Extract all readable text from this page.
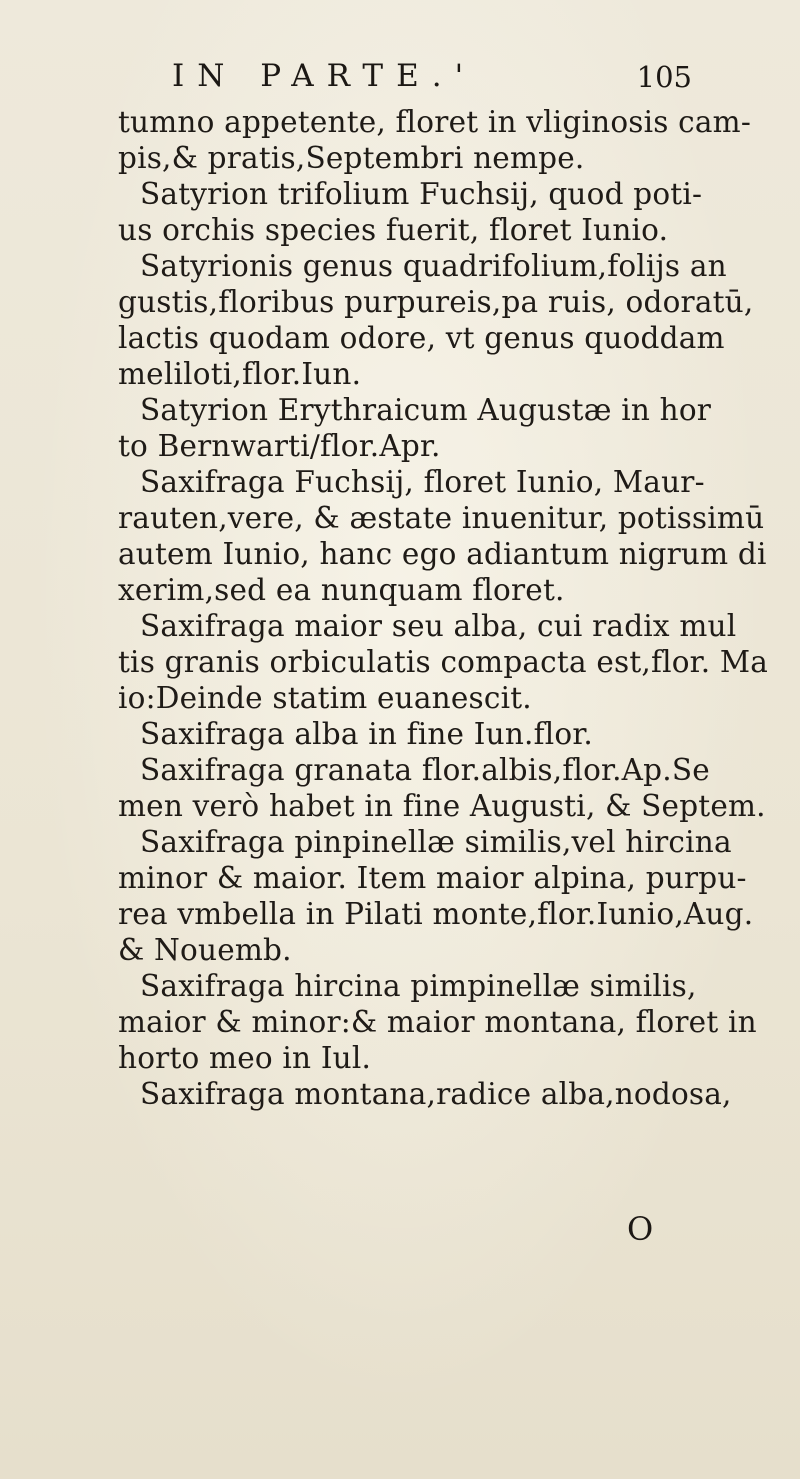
IN PARTE.'	105
tumno appetente, floret in vliginosis cam-
pis,& pratis,Septembri nempe.
Satyrion trifolium Fuchsij, quod poti-
us orchis species fuerit, floret Iunio.
Satyrionis genus quadrifolium,folijs an
gustis,floribus purpureis,pa ruis, odoratū,
lactis quodam odore, vt genus quoddam
meliloti,flor.Iun.
Satyrion Erythraicum Augustæ in hor
to Bernwarti/flor.Apr.
Saxifraga Fuchsij, floret Iunio, Maur-
rauten,vere, & æstate inuenitur, potissimū
autem Iunio, hanc ego adiantum nigrum di
xerim,sed ea nunquam floret.
Saxifraga maior seu alba, cui radix mul
tis granis orbiculatis compacta est,flor. Ma
io:Deinde statim euanescit.
Saxifraga alba in fine Iun.flor.
Saxifraga granata flor.albis,flor.Ap.Se
men verò habet in fine Augusti, & Septem.
Saxifraga pinpinellæ similis,vel hircina
minor & maior. Item maior alpina, purpu-
rea vmbella in Pilati monte,flor.Iunio,Aug.
& Nouemb.
Saxifraga hircina pimpinellæ similis,
maior & minor:& maior montana, floret in
horto meo in Iul.
Saxifraga montana,radice alba,nodosa,
O
